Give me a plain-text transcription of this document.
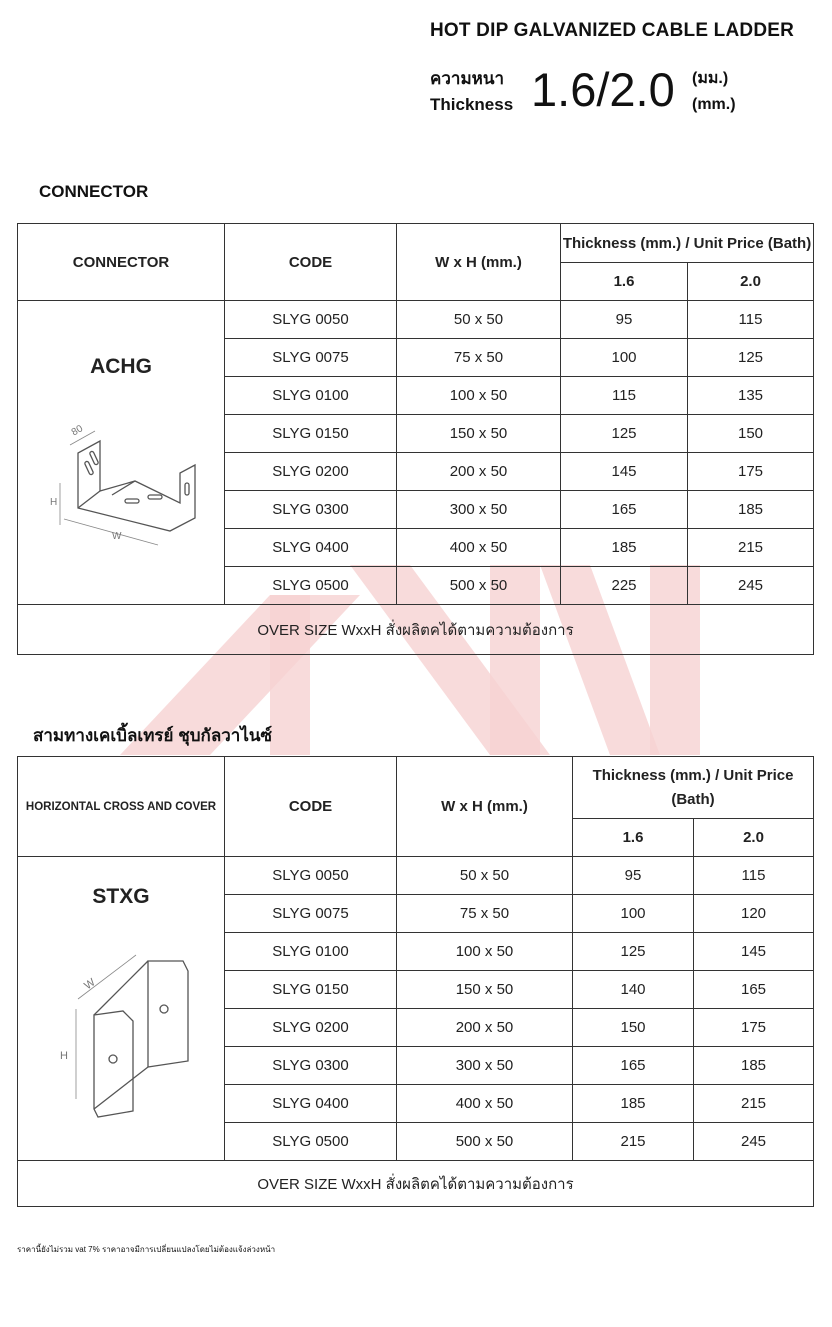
HOT DIP GALVANIZED CABLE LADDER
ความหนา
Thickness 1.6/2.0 (มม.)
(mm.)
CONNECTOR
CONNECTOR	CODE	W x H (mm.)	Thickness (mm.) / Unit Price (Bath)	
			1.6	2.0

ACHG
80
H
W	SLYG 0050	50 x 50	95	115
	SLYG 0075	75 x 50	100	125
	SLYG 0100	100 x 50	115	135
	SLYG 0150	150 x 50	125	150
	SLYG 0200	200 x 50	145	175
	SLYG 0300	300 x 50	165	185
	SLYG 0400	400 x 50	185	215
	SLYG 0500	500 x 50	225	245
OVER SIZE WxxH สั่งผลิตคได้ตามความต้องการ				
สามทางเคเบิ้ลเทรย์ ชุบกัลวาไนซ์
HORIZONTAL CROSS AND COVER	CODE	W x H (mm.)	Thickness (mm.) / Unit Price (Bath)	
			1.6	2.0

STXG
W
H	SLYG 0050	50 x 50	95	115
	SLYG 0075	75 x 50	100	120
	SLYG 0100	100 x 50	125	145
	SLYG 0150	150 x 50	140	165
	SLYG 0200	200 x 50	150	175
	SLYG 0300	300 x 50	165	185
	SLYG 0400	400 x 50	185	215
	SLYG 0500	500 x 50	215	245
OVER SIZE WxxH สั่งผลิตคได้ตามความต้องการ				
ราคานี้ยังไม่รวม vat 7% ราคาอาจมีการเปลี่ยนแปลงโดยไม่ต้องแจ้งล่วงหน้า
